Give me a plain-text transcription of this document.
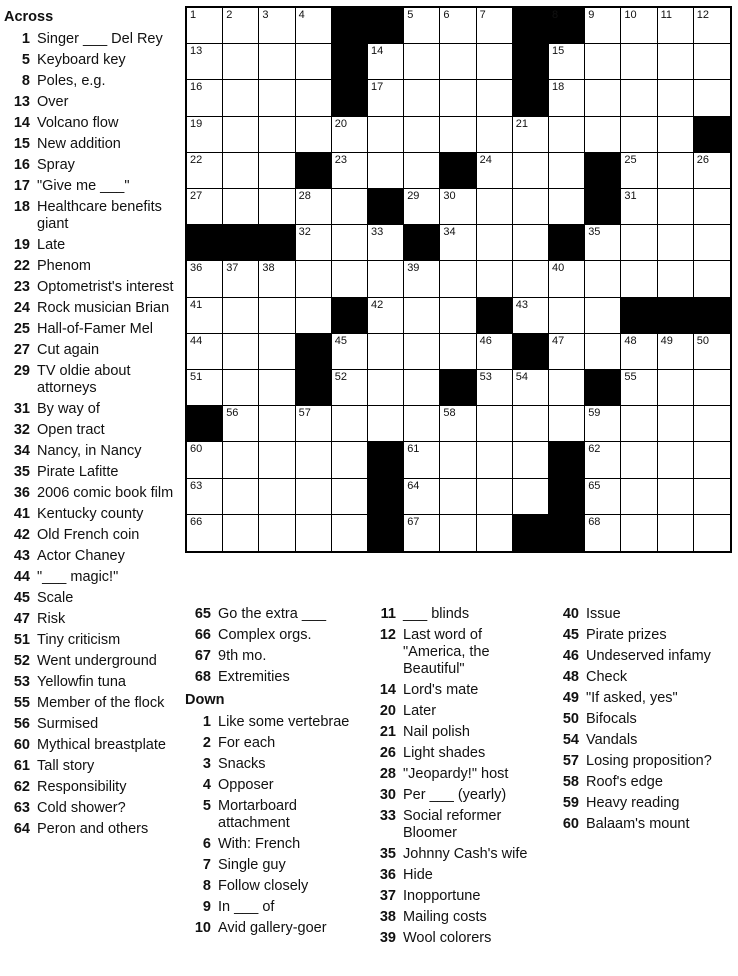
1	2	3	4	5	6	7	8	9	10 11 12
13	14	15
16	17	18
19	20	21
22	23	24	25	26
27	28	29 30	31
32	33	34	35
36 37 38	39	40
41	42	43
44	45	46	47	48 49 50
51	52	53 54	55
56	57	58	59
60	61	62
63	64	65
66	67	68
Across
1 Singer ___ Del Rey
5 Keyboard key
8 Poles, e.g.
13 Over
14 Volcano flow
15 New addition
16 Spray
17 "Give me ___"
18 Healthcare benefits giant
19 Late
22 Phenom
23 Optometrist's interest
24 Rock musician Brian
25 Hall-of-Famer Mel
27 Cut again
29 TV oldie about attorneys
31 By way of
32 Open tract
34 Nancy, in Nancy
35 Pirate Lafitte
36 2006 comic book film
41 Kentucky county
42 Old French coin
43 Actor Chaney
44 "___ magic!"
45 Scale
47 Risk
51 Tiny criticism
52 Went underground
53 Yellowfin tuna
55 Member of the flock
56 Surmised
60 Mythical breastplate
61 Tall story
62 Responsibility
63 Cold shower?
64 Peron and others
65 Go the extra ___
66 Complex orgs.
67 9th mo.
68 Extremities
Down
1 Like some vertebrae
2 For each
3 Snacks
4 Opposer
5 Mortarboard attachment
6 With: French
7 Single guy
8 Follow closely
9 In ___ of
10 Avid gallery-goer
11 ___ blinds
12 Last word of "America, the Beautiful"
14 Lord's mate
20 Later
21 Nail polish
26 Light shades
28 "Jeopardy!" host
30 Per ___ (yearly)
33 Social reformer Bloomer
35 Johnny Cash's wife
36 Hide
37 Inopportune
38 Mailing costs
39 Wool colorers
40 Issue
45 Pirate prizes
46 Undeserved infamy
48 Check
49 "If asked, yes"
50 Bifocals
54 Vandals
57 Losing proposition?
58 Roof's edge
59 Heavy reading
60 Balaam's mount
